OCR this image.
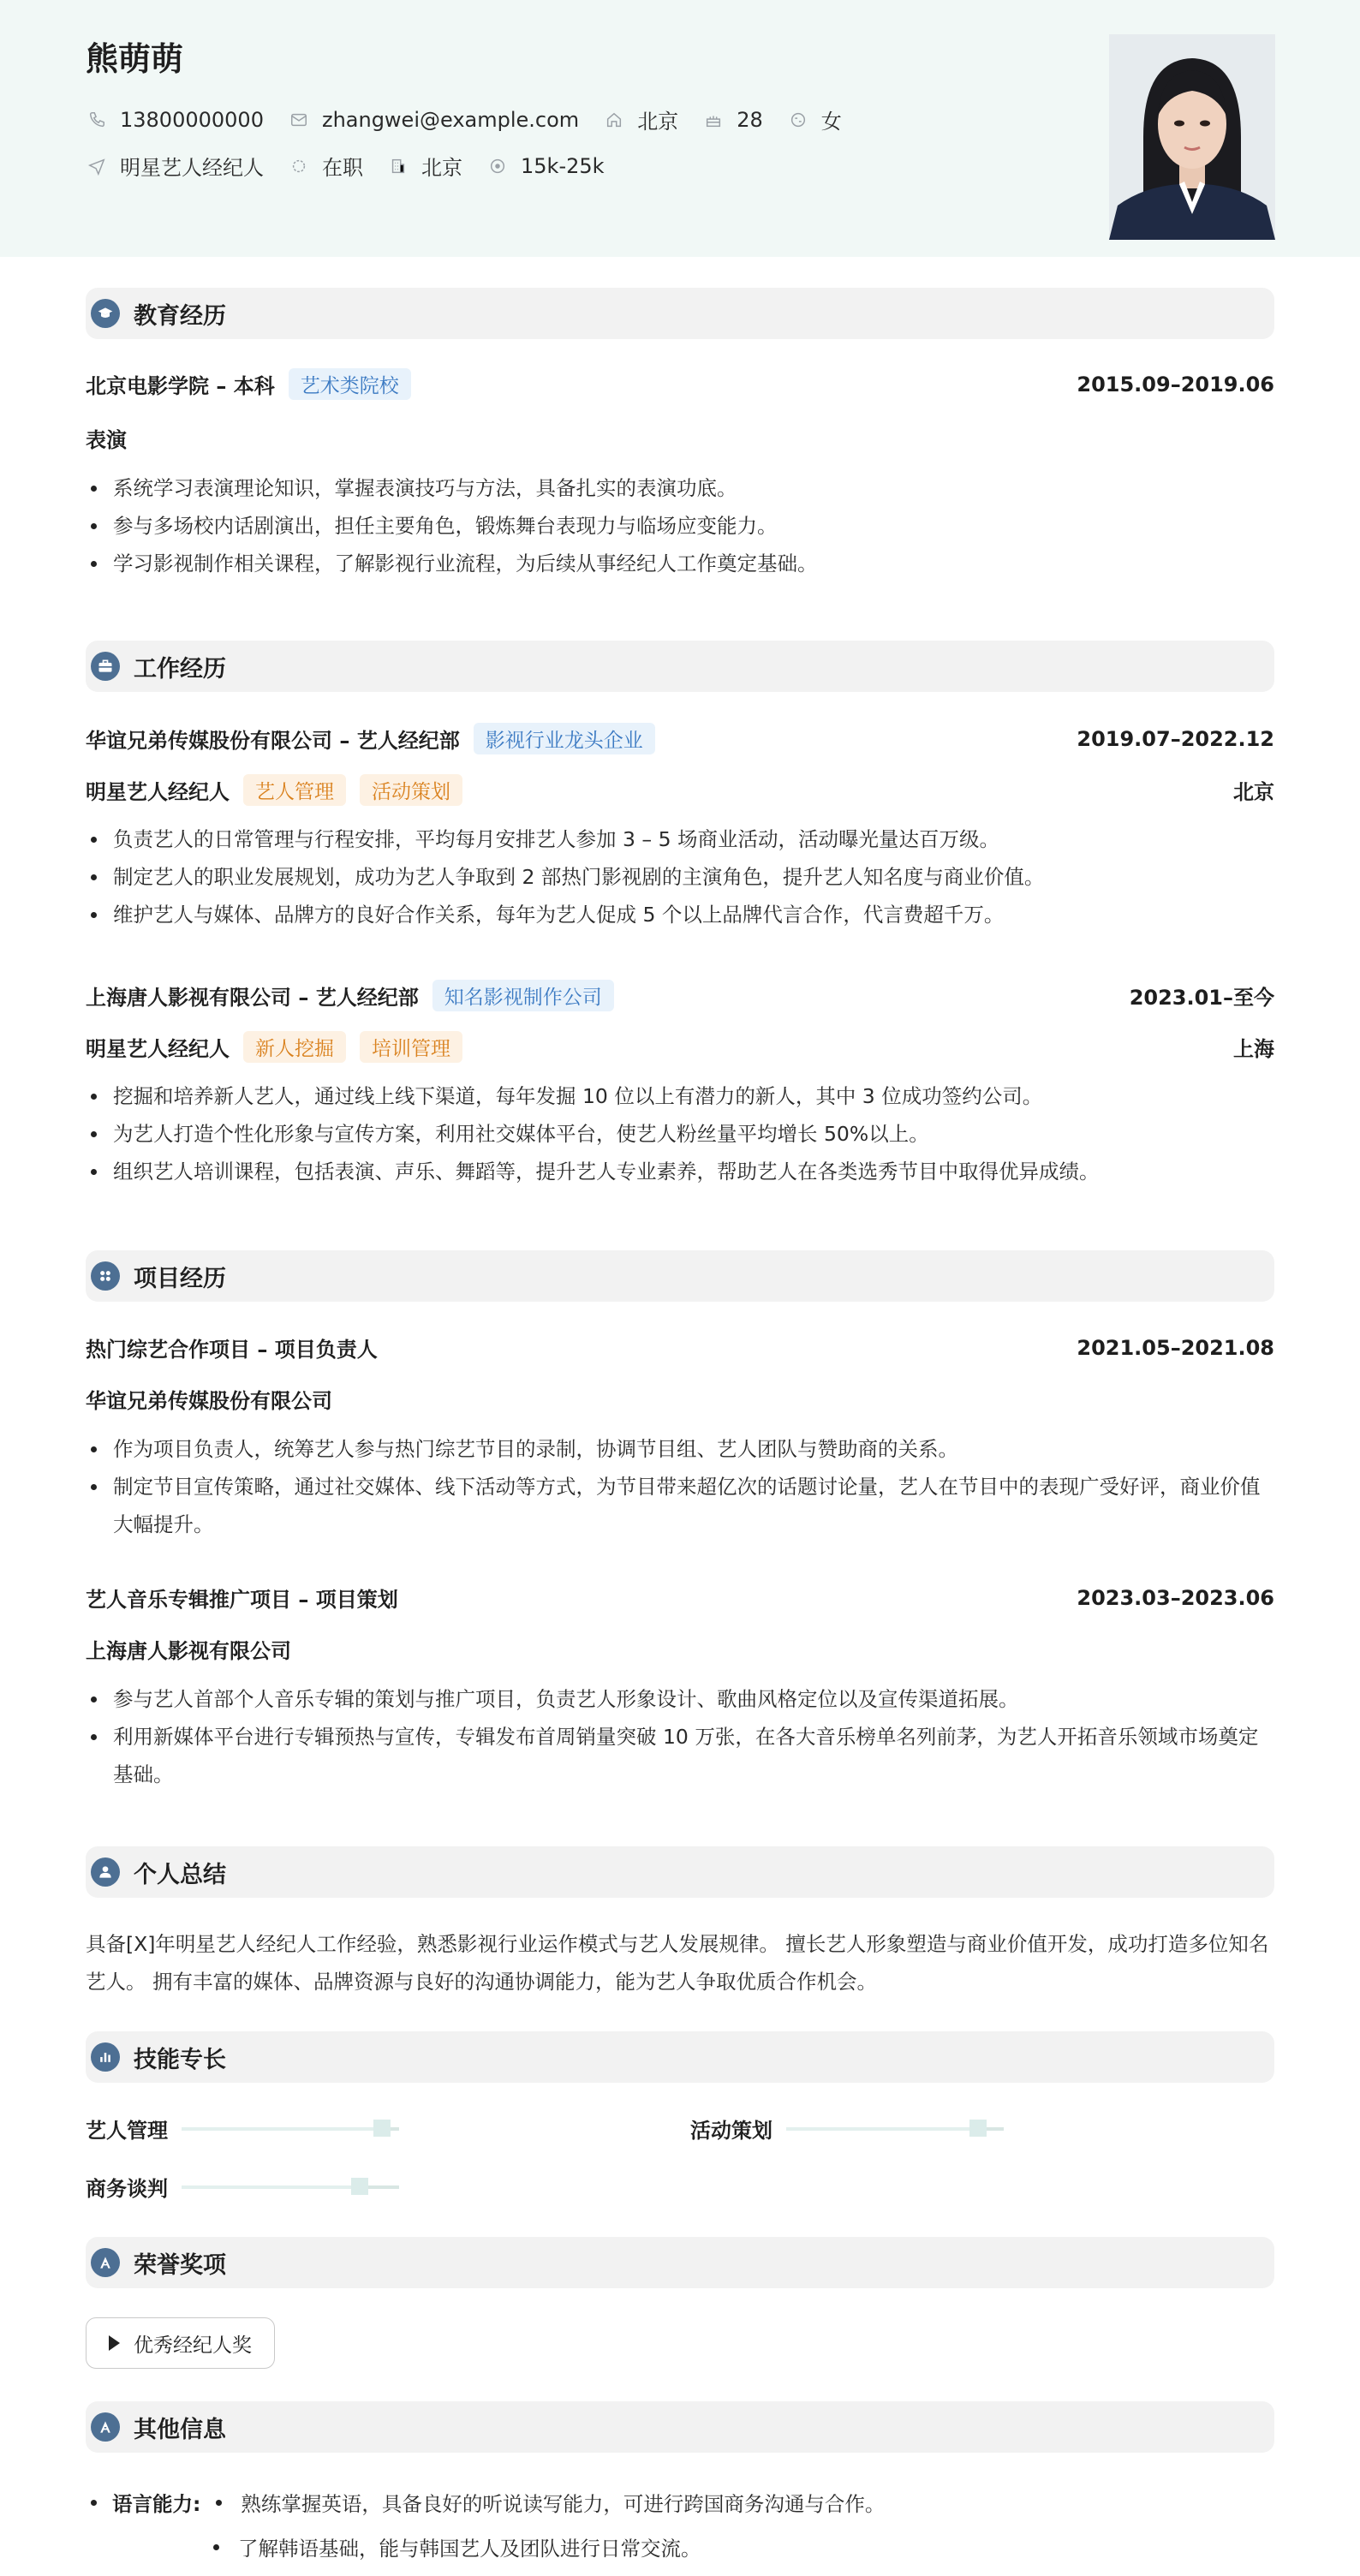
熊萌萌
13800000000	zhangwei@example.com	北京	28	女
明星艺人经纪人	在职	北京	15k-25k
教育经历
北京电影学院 – 本科	艺术类院校	2015.09–2019.06
表演
系统学习表演理论知识，掌握表演技巧与方法，具备扎实的表演功底。
参与多场校内话剧演出，担任主要角色，锻炼舞台表现力与临场应变能力。
学习影视制作相关课程，了解影视行业流程，为后续从事经纪人工作奠定基础。
工作经历
华谊兄弟传媒股份有限公司 – 艺人经纪部	影视行业龙头企业	2019.07–2022.12
明星艺人经纪人	艺人管理	活动策划	北京
负责艺人的日常管理与行程安排，平均每月安排艺人参加 3 – 5 场商业活动，活动曝光量达百万级。
制定艺人的职业发展规划，成功为艺人争取到 2 部热门影视剧的主演角色，提升艺人知名度与商业价值。
维护艺人与媒体、品牌方的良好合作关系，每年为艺人促成 5 个以上品牌代言合作，代言费超千万。
上海唐人影视有限公司 – 艺人经纪部	知名影视制作公司	2023.01–至今
明星艺人经纪人	新人挖掘	培训管理	上海
挖掘和培养新人艺人，通过线上线下渠道，每年发掘 10 位以上有潜力的新人，其中 3 位成功签约公司。
为艺人打造个性化形象与宣传方案，利用社交媒体平台，使艺人粉丝量平均增长 50%以上。
组织艺人培训课程，包括表演、声乐、舞蹈等，提升艺人专业素养，帮助艺人在各类选秀节目中取得优异成绩。
项目经历
热门综艺合作项目 – 项目负责人	2021.05–2021.08
华谊兄弟传媒股份有限公司
作为项目负责人，统筹艺人参与热门综艺节目的录制，协调节目组、艺人团队与赞助商的关系。
制定节目宣传策略，通过社交媒体、线下活动等方式，为节目带来超亿次的话题讨论量，艺人在节目中的表现广受好评，商业价值大幅提升。
艺人音乐专辑推广项目 – 项目策划	2023.03–2023.06
上海唐人影视有限公司
参与艺人首部个人音乐专辑的策划与推广项目，负责艺人形象设计、歌曲风格定位以及宣传渠道拓展。
利用新媒体平台进行专辑预热与宣传，专辑发布首周销量突破 10 万张，在各大音乐榜单名列前茅，为艺人开拓音乐领域市场奠定基础。
个人总结
具备[X]年明星艺人经纪人工作经验，熟悉影视行业运作模式与艺人发展规律。 擅长艺人形象塑造与商业价值开发，成功打造多位知名艺人。 拥有丰富的媒体、品牌资源与良好的沟通协调能力，能为艺人争取优质合作机会。
技能专长
艺人管理	活动策划
商务谈判
荣誉奖项
优秀经纪人奖
其他信息
语言能力: 熟练掌握英语，具备良好的听说读写能力，可进行跨国商务沟通与合作。
了解韩语基础，能与韩国艺人及团队进行日常交流。
